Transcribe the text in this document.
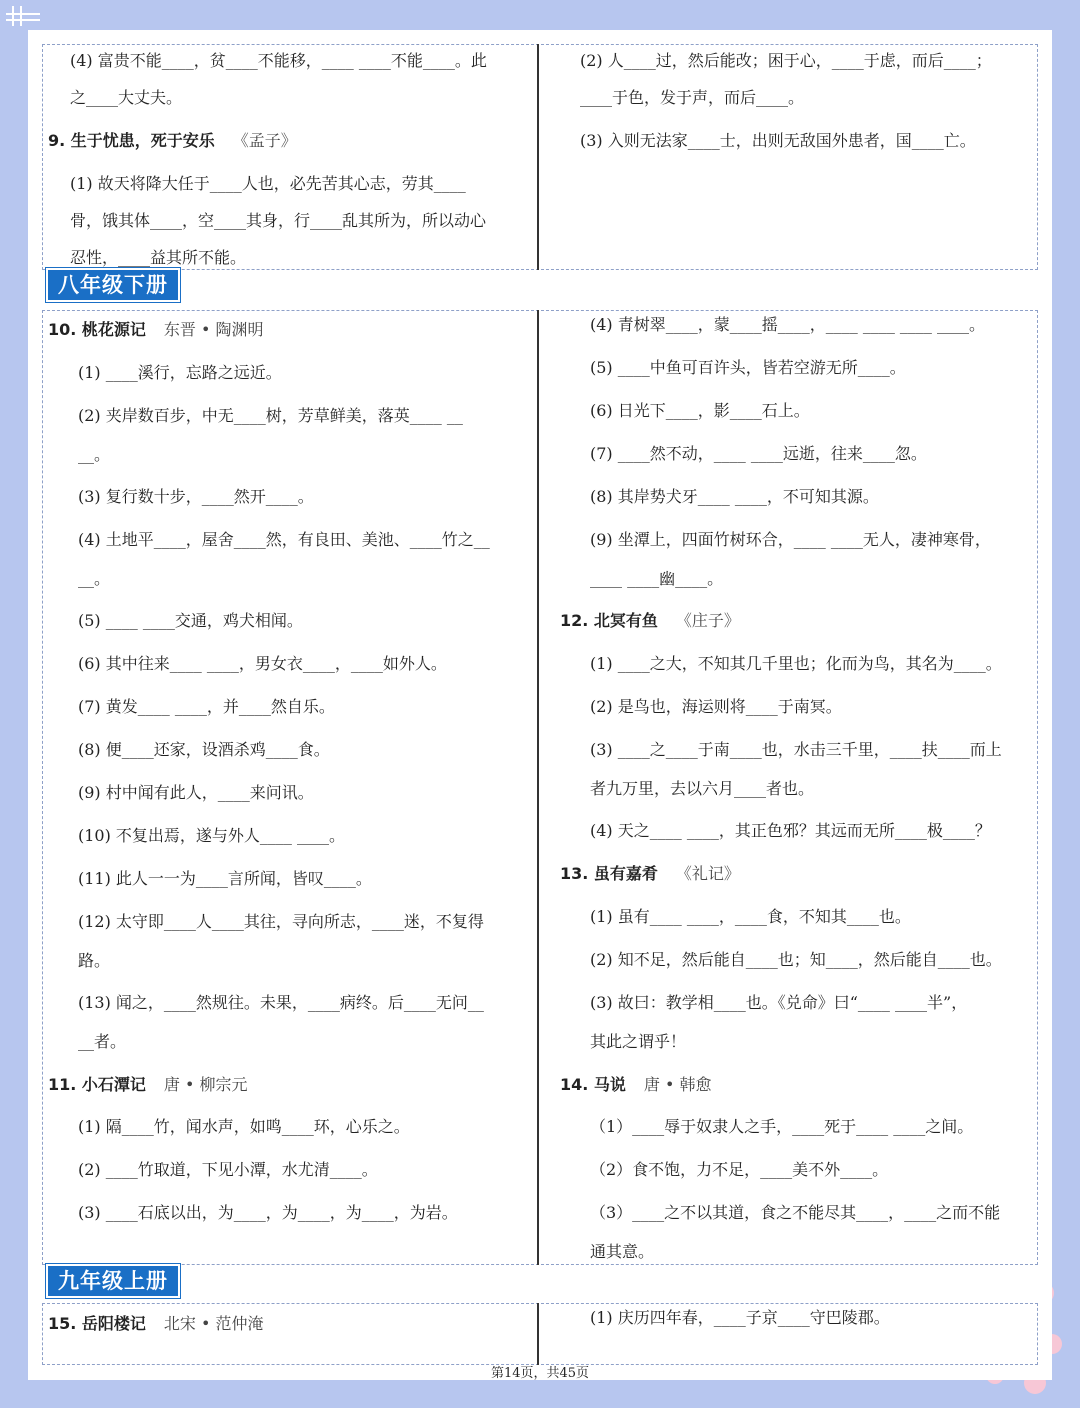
(4) 富贵不能____，贫____不能移，____ ____不能____。此
之____大丈夫。
9. 生于忧患，死于安乐 《孟子》
(1) 故天将降大任于____人也，必先苦其心志，劳其____
骨，饿其体____，空____其身，行____乱其所为，所以动心
忍性，____益其所不能。
(2) 人____过，然后能改；困于心，____于虑，而后____；
____于色，发于声，而后____。
(3) 入则无法家____士，出则无敌国外患者，国____亡。
八年级下册
10. 桃花源记 东晋 • 陶渊明
(1) ____溪行，忘路之远近。
(2) 夹岸数百步，中无____树，芳草鲜美，落英____ __
__。
(3) 复行数十步，____然开____。
(4) 土地平____，屋舍____然，有良田、美池、____竹之__
__。
(5) ____ ____交通，鸡犬相闻。
(6) 其中往来____ ____，男女衣____，____如外人。
(7) 黄发____ ____，并____然自乐。
(8) 便____还家，设酒杀鸡____食。
(9) 村中闻有此人，____来问讯。
(10) 不复出焉，遂与外人____ ____。
(11) 此人一一为____言所闻，皆叹____。
(12) 太守即____人____其往，寻向所志，____迷，不复得
路。
(13) 闻之，____然规往。未果，____病终。后____无问__
__者。
11. 小石潭记 唐 • 柳宗元
(1) 隔____竹，闻水声，如鸣____环，心乐之。
(2) ____竹取道，下见小潭，水尤清____。
(3) ____石底以出，为____，为____，为____，为岩。
(4) 青树翠____，蒙____摇____，____ ____ ____ ____。
(5) ____中鱼可百许头，皆若空游无所____。
(6) 日光下____，影____石上。
(7) ____然不动，____ ____远逝，往来____忽。
(8) 其岸势犬牙____ ____，不可知其源。
(9) 坐潭上，四面竹树环合，____ ____无人，凄神寒骨，
____ ____幽____。
12. 北冥有鱼 《庄子》
(1) ____之大，不知其几千里也；化而为鸟，其名为____。
(2) 是鸟也，海运则将____于南冥。
(3) ____之____于南____也，水击三千里，____扶____而上
者九万里，去以六月____者也。
(4) 天之____ ____，其正色邪？其远而无所____极____？
13. 虽有嘉肴 《礼记》
(1) 虽有____ ____，____食，不知其____也。
(2) 知不足，然后能自____也；知____，然后能自____也。
(3) 故曰：教学相____也。《兑命》曰“____ ____半”，
其此之谓乎！
14. 马说 唐 • 韩愈
（1）____辱于奴隶人之手，____死于____ ____之间。
（2）食不饱，力不足，____美不外____。
（3）____之不以其道，食之不能尽其____，____之而不能
通其意。
九年级上册
15. 岳阳楼记 北宋 • 范仲淹	(1) 庆历四年春，____子京____守巴陵郡。
第14页，共45页
